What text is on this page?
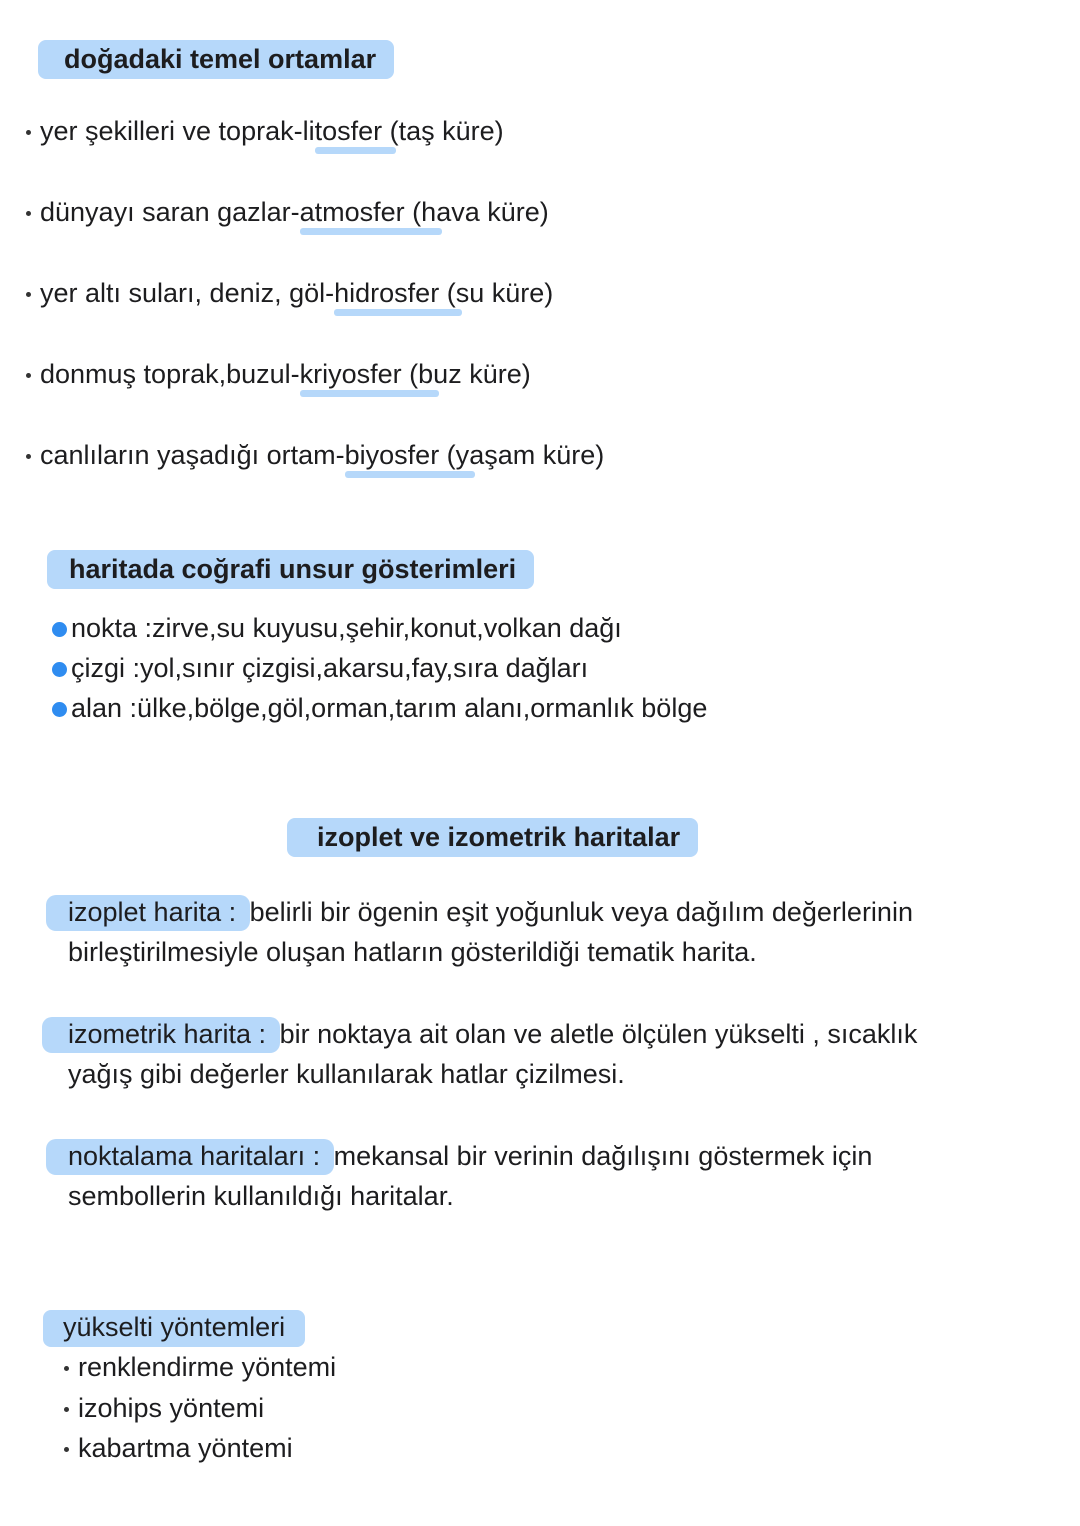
doğadaki temel ortamlar
yer şekilleri ve toprak-litosfer (taş küre)
dünyayı saran gazlar-atmosfer (hava küre)
yer altı suları, deniz, göl-hidrosfer (su küre)
donmuş toprak,buzul-kriyosfer (buz küre)
canlıların yaşadığı ortam-biyosfer (yaşam küre)
haritada coğrafi unsur gösterimleri
nokta :zirve,su kuyusu,şehir,konut,volkan dağı
çizgi :yol,sınır çizgisi,akarsu,fay,sıra dağları
alan :ülke,bölge,göl,orman,tarım alanı,ormanlık bölge
izoplet ve izometrik haritalar
izoplet harita : belirli bir ögenin eşit yoğunluk veya dağılım değerlerinin
birleştirilmesiyle oluşan hatların gösterildiği tematik harita.
izometrik harita : bir noktaya ait olan ve aletle ölçülen yükselti , sıcaklık
yağış gibi değerler kullanılarak hatlar çizilmesi.
noktalama haritaları : mekansal bir verinin dağılışını göstermek için
sembollerin kullanıldığı haritalar.
yükselti yöntemleri
renklendirme yöntemi
izohips yöntemi
kabartma yöntemi
